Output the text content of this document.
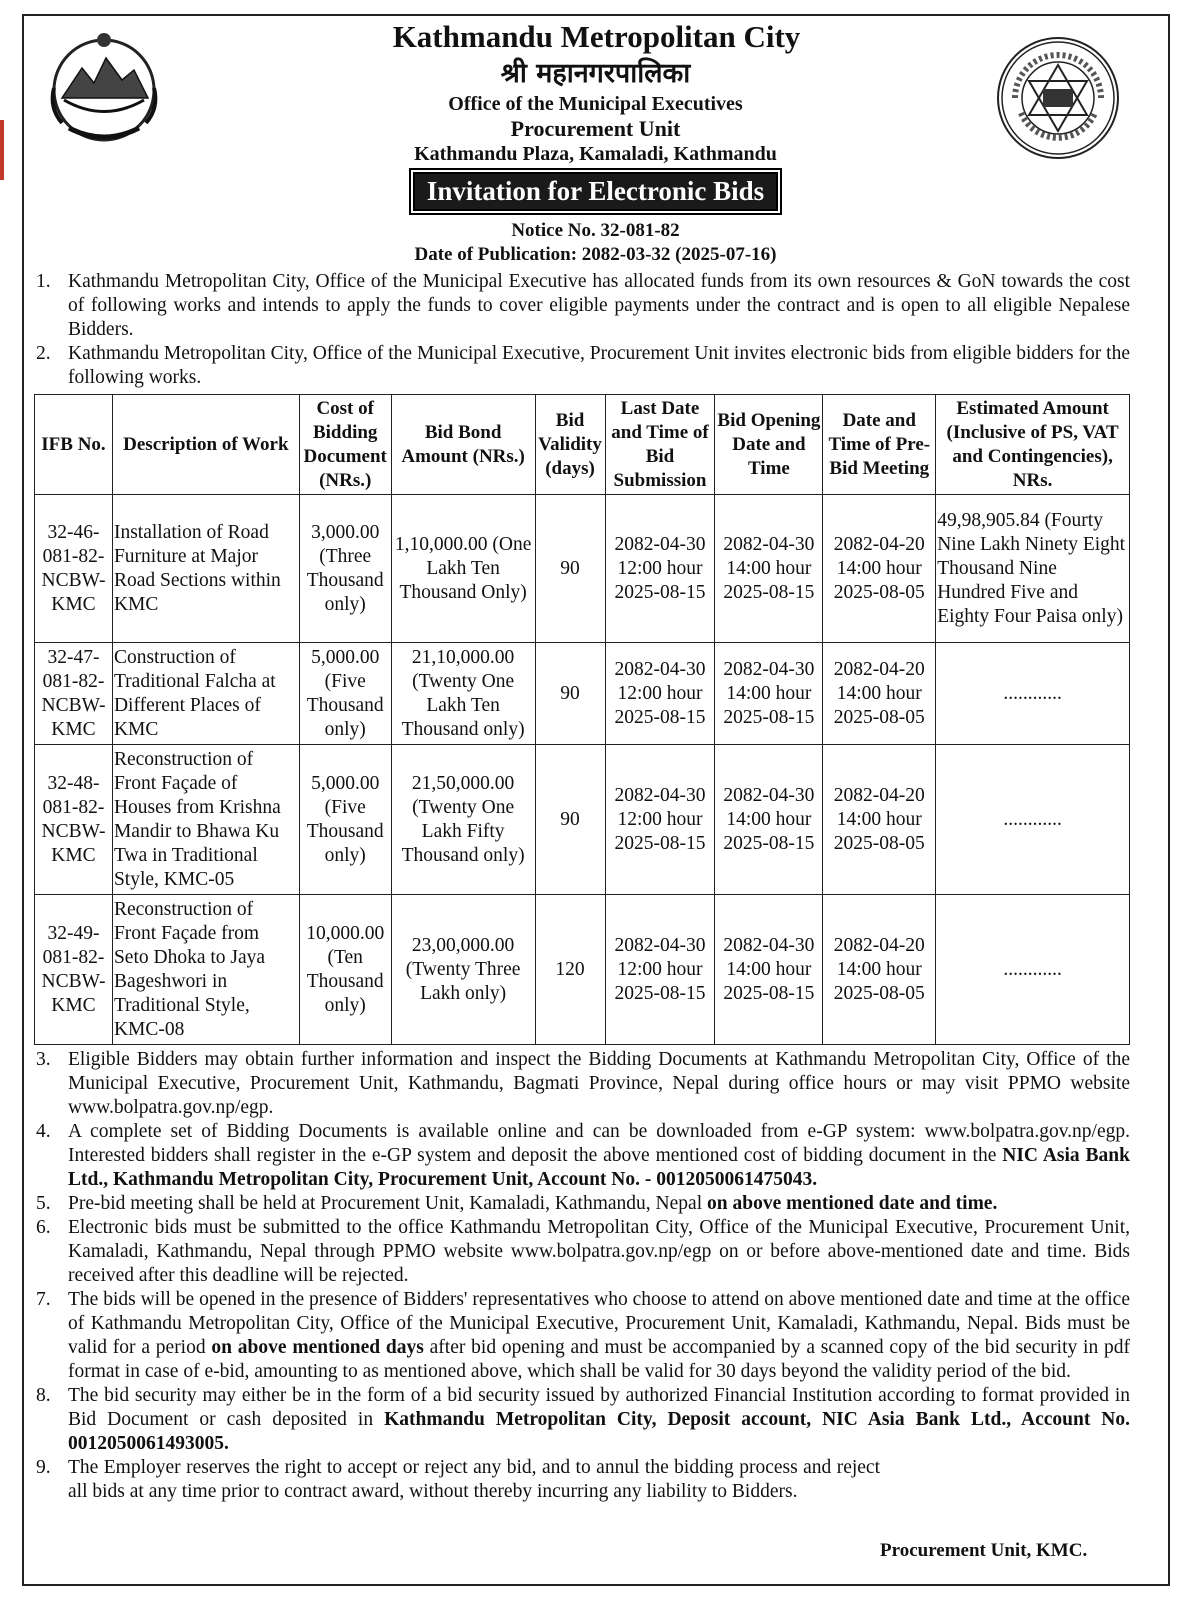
Kathmandu Metropolitan City
श्री महानगरपालिका
Office of the Municipal Executives
Procurement Unit
Kathmandu Plaza, Kamaladi, Kathmandu
Invitation for Electronic Bids
Notice No. 32-081-82
Date of Publication: 2082-03-32 (2025-07-16)
1. Kathmandu Metropolitan City, Office of the Municipal Executive has allocated funds from its own resources & GoN towards the cost of following works and intends to apply the funds to cover eligible payments under the contract and is open to all eligible Nepalese Bidders.
2. Kathmandu Metropolitan City, Office of the Municipal Executive, Procurement Unit invites electronic bids from eligible bidders for the following works.
IFB No.	Description of Work	Cost of Bidding Document (NRs.)	Bid Bond Amount (NRs.)	Bid Validity (days)	Last Date and Time of Bid Submission	Bid Opening Date and Time	Date and Time of Pre-Bid Meeting	Estimated Amount (Inclusive of PS, VAT and Contingencies), NRs.
32-46-081-82-NCBW-KMC	Installation of Road Furniture at Major Road Sections within KMC	3,000.00 (Three Thousand only)	1,10,000.00 (One Lakh Ten Thousand Only)	90	2082-04-30 12:00 hour 2025-08-15	2082-04-30 14:00 hour 2025-08-15	2082-04-20 14:00 hour 2025-08-05	49,98,905.84 (Fourty Nine Lakh Ninety Eight Thousand Nine Hundred Five and Eighty Four Paisa only)
32-47-081-82-NCBW-KMC	Construction of Traditional Falcha at Different Places of KMC	5,000.00 (Five Thousand only)	21,10,000.00 (Twenty One Lakh Ten Thousand only)	90	2082-04-30 12:00 hour 2025-08-15	2082-04-30 14:00 hour 2025-08-15	2082-04-20 14:00 hour 2025-08-05	............
32-48-081-82-NCBW-KMC	Reconstruction of Front Façade of Houses from Krishna Mandir to Bhawa Ku Twa in Traditional Style, KMC-05	5,000.00 (Five Thousand only)	21,50,000.00 (Twenty One Lakh Fifty Thousand only)	90	2082-04-30 12:00 hour 2025-08-15	2082-04-30 14:00 hour 2025-08-15	2082-04-20 14:00 hour 2025-08-05	............
32-49-081-82-NCBW-KMC	Reconstruction of Front Façade from Seto Dhoka to Jaya Bageshwori in Traditional Style, KMC-08	10,000.00 (Ten Thousand only)	23,00,000.00 (Twenty Three Lakh only)	120	2082-04-30 12:00 hour 2025-08-15	2082-04-30 14:00 hour 2025-08-15	2082-04-20 14:00 hour 2025-08-05	............
3. Eligible Bidders may obtain further information and inspect the Bidding Documents at Kathmandu Metropolitan City, Office of the Municipal Executive, Procurement Unit, Kathmandu, Bagmati Province, Nepal during office hours or may visit PPMO website www.bolpatra.gov.np/egp.
4. A complete set of Bidding Documents is available online and can be downloaded from e-GP system: www.bolpatra.gov.np/egp. Interested bidders shall register in the e-GP system and deposit the above mentioned cost of bidding document in the NIC Asia Bank Ltd., Kathmandu Metropolitan City, Procurement Unit, Account No. - 0012050061475043.
5. Pre-bid meeting shall be held at Procurement Unit, Kamaladi, Kathmandu, Nepal on above mentioned date and time.
6. Electronic bids must be submitted to the office Kathmandu Metropolitan City, Office of the Municipal Executive, Procurement Unit, Kamaladi, Kathmandu, Nepal through PPMO website www.bolpatra.gov.np/egp on or before above-mentioned date and time. Bids received after this deadline will be rejected.
7. The bids will be opened in the presence of Bidders' representatives who choose to attend on above mentioned date and time at the office of Kathmandu Metropolitan City, Office of the Municipal Executive, Procurement Unit, Kamaladi, Kathmandu, Nepal. Bids must be valid for a period on above mentioned days after bid opening and must be accompanied by a scanned copy of the bid security in pdf format in case of e-bid, amounting to as mentioned above, which shall be valid for 30 days beyond the validity period of the bid.
8. The bid security may either be in the form of a bid security issued by authorized Financial Institution according to format provided in Bid Document or cash deposited in Kathmandu Metropolitan City, Deposit account, NIC Asia Bank Ltd., Account No. 0012050061493005.
9. The Employer reserves the right to accept or reject any bid, and to annul the bidding process and reject all bids at any time prior to contract award, without thereby incurring any liability to Bidders.
Procurement Unit, KMC.
